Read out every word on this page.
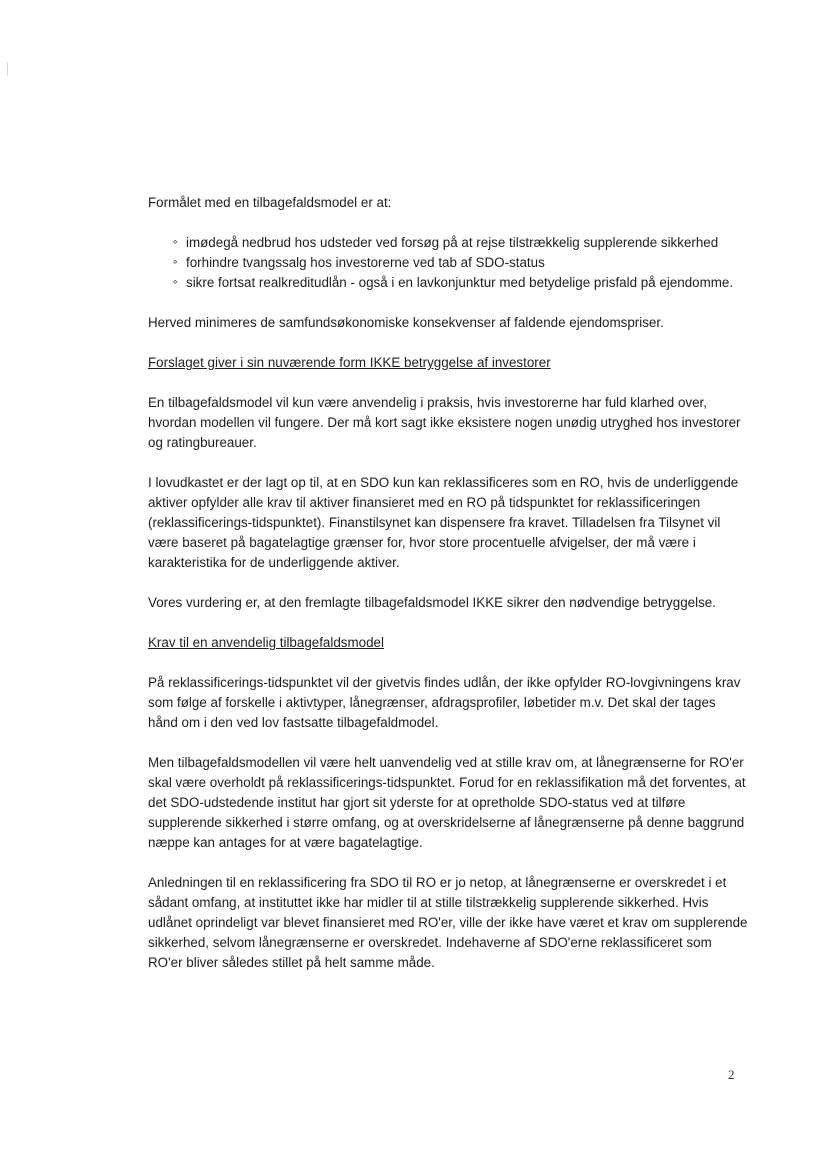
Formålet med en tilbagefaldsmodel er at:

∘ imødegå nedbrud hos udsteder ved forsøg på at rejse tilstrækkelig supplerende sikkerhed
∘ forhindre tvangssalg hos investorerne ved tab af SDO-status
∘ sikre fortsat realkreditudlån - også i en lavkonjunktur med betydelige prisfald på ejendomme.

Herved minimeres de samfundsøkonomiske konsekvenser af faldende ejendomspriser.

Forslaget giver i sin nuværende form IKKE betryggelse af investorer

En tilbagefaldsmodel vil kun være anvendelig i praksis, hvis investorerne har fuld klarhed over, hvordan modellen vil fungere. Der må kort sagt ikke eksistere nogen unødig utryghed hos investorer og ratingbureauer.

I lovudkastet er der lagt op til, at en SDO kun kan reklassificeres som en RO, hvis de underliggende aktiver opfylder alle krav til aktiver finansieret med en RO på tidspunktet for reklassificeringen (reklassificerings-tidspunktet). Finanstilsynet kan dispensere fra kravet. Tilladelsen fra Tilsynet vil være baseret på bagatelagtige grænser for, hvor store procentuelle afvigelser, der må være i karakteristika for de underliggende aktiver.

Vores vurdering er, at den fremlagte tilbagefaldsmodel IKKE sikrer den nødvendige betryggelse.

Krav til en anvendelig tilbagefaldsmodel

På reklassificerings-tidspunktet vil der givetvis findes udlån, der ikke opfylder RO-lovgivningens krav som følge af forskelle i aktivtyper, lånegrænser, afdragsprofiler, løbetider m.v. Det skal der tages hånd om i den ved lov fastsatte tilbagefaldmodel.

Men tilbagefaldsmodellen vil være helt uanvendelig ved at stille krav om, at lånegrænserne for RO'er skal være overholdt på reklassificerings-tidspunktet. Forud for en reklassifikation må det forventes, at det SDO-udstedende institut har gjort sit yderste for at opretholde SDO-status ved at tilføre supplerende sikkerhed i større omfang, og at overskridelserne af lånegrænserne på denne baggrund næppe kan antages for at være bagatelagtige.

Anledningen til en reklassificering fra SDO til RO er jo netop, at lånegrænserne er overskredet i et sådant omfang, at instituttet ikke har midler til at stille tilstrækkelig supplerende sikkerhed. Hvis udlånet oprindeligt var blevet finansieret med RO'er, ville der ikke have været et krav om supplerende sikkerhed, selvom lånegrænserne er overskredet. Indehaverne af SDO'erne reklassificeret som RO'er bliver således stillet på helt samme måde.

2
